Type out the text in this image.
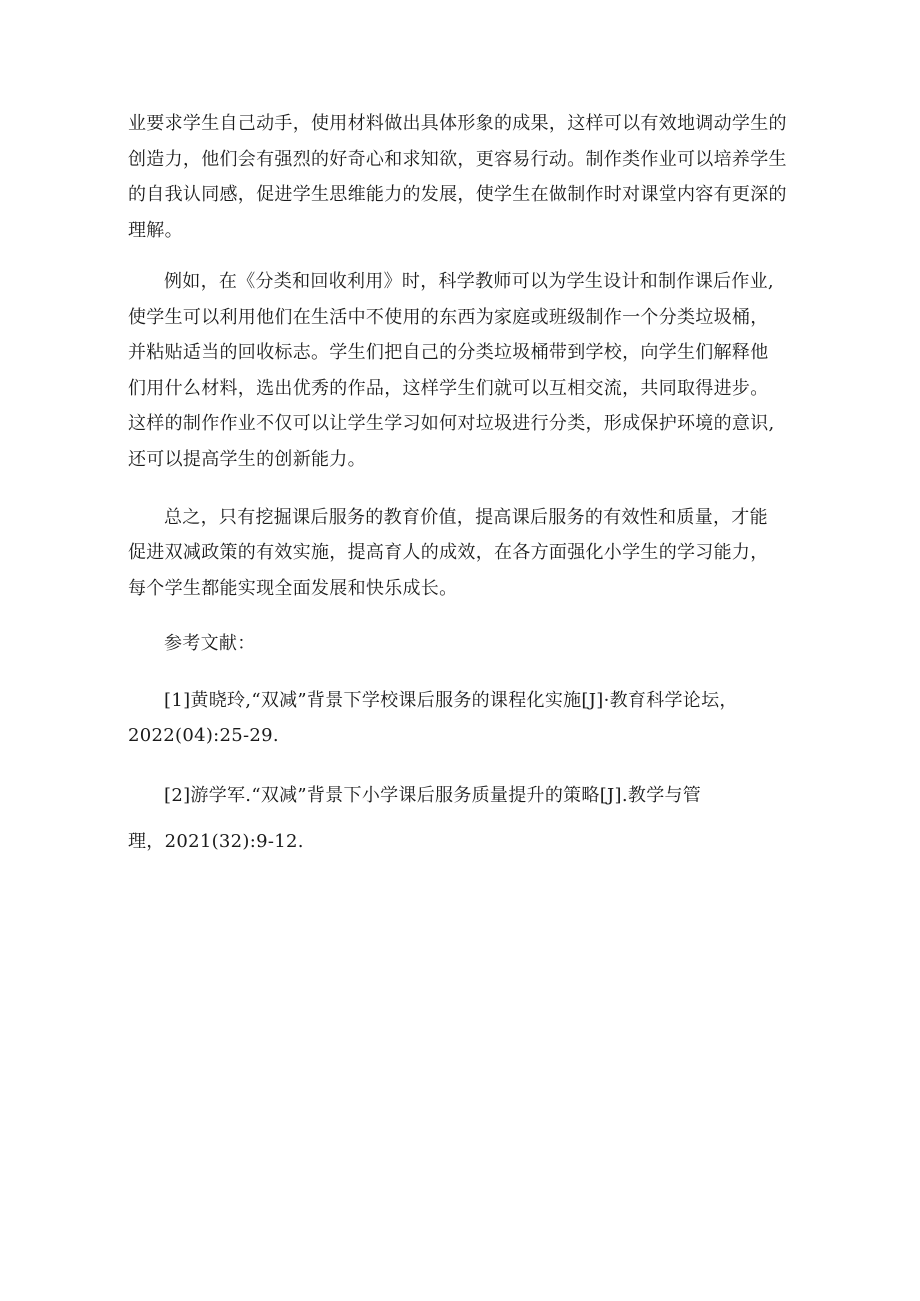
业要求学生自己动手，使用材料做出具体形象的成果，这样可以有效地调动学生的
创造力，他们会有强烈的好奇心和求知欲，更容易行动。制作类作业可以培养学生
的自我认同感，促进学生思维能力的发展，使学生在做制作时对课堂内容有更深的
理解。
例如，在《分类和回收利用》时，科学教师可以为学生设计和制作课后作业,
使学生可以利用他们在生活中不使用的东西为家庭或班级制作一个分类垃圾桶，
并粘贴适当的回收标志。学生们把自己的分类垃圾桶带到学校，向学生们解释他
们用什么材料，选出优秀的作品，这样学生们就可以互相交流，共同取得进步。
这样的制作作业不仅可以让学生学习如何对垃圾进行分类，形成保护环境的意识,
还可以提高学生的创新能力。
总之，只有挖掘课后服务的教育价值，提高课后服务的有效性和质量，才能
促进双减政策的有效实施，提高育人的成效，在各方面强化小学生的学习能力，
每个学生都能实现全面发展和快乐成长。
参考文献：
[1]黄晓玲,“双减”背景下学校课后服务的课程化实施[J]·教育科学论坛，
2022(04):25-29.
[2]游学军.“双减”背景下小学课后服务质量提升的策略[J].教学与管
理，2021(32):9-12.
